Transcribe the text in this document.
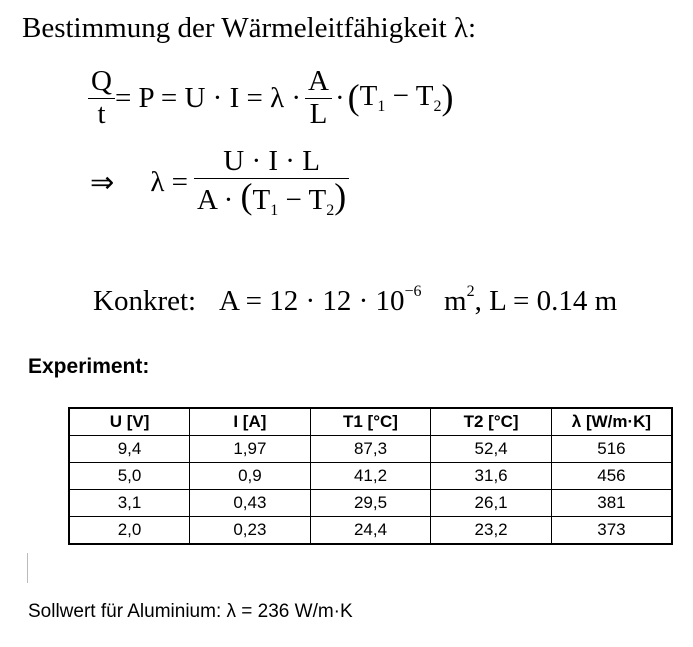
Bestimmung der Wärmeleitfähigkeit λ:
$\frac{Q}{t} = P = U \cdot I = \lambda \cdot \frac{A}{L}$ · ( $T_1 - T_2$ )
⇒ $\lambda = \frac{U \cdot I \cdot L}{A \cdot (T_1 - T_2)}$
Konkret: $A = 12 \cdot 12 \cdot 10^{-6}$ $m^2$, L = 0.14 m
Experiment:
U [V]	I [A]	T1 [°C]	T2 [°C]	λ [W/m·K]
9,4	1,97	87,3	52,4	516
5,0	0,9	41,2	31,6	456
3,1	0,43	29,5	26,1	381
2,0	0,23	24,4	23,2	373
Sollwert für Aluminium: λ = 236 W/m·K
